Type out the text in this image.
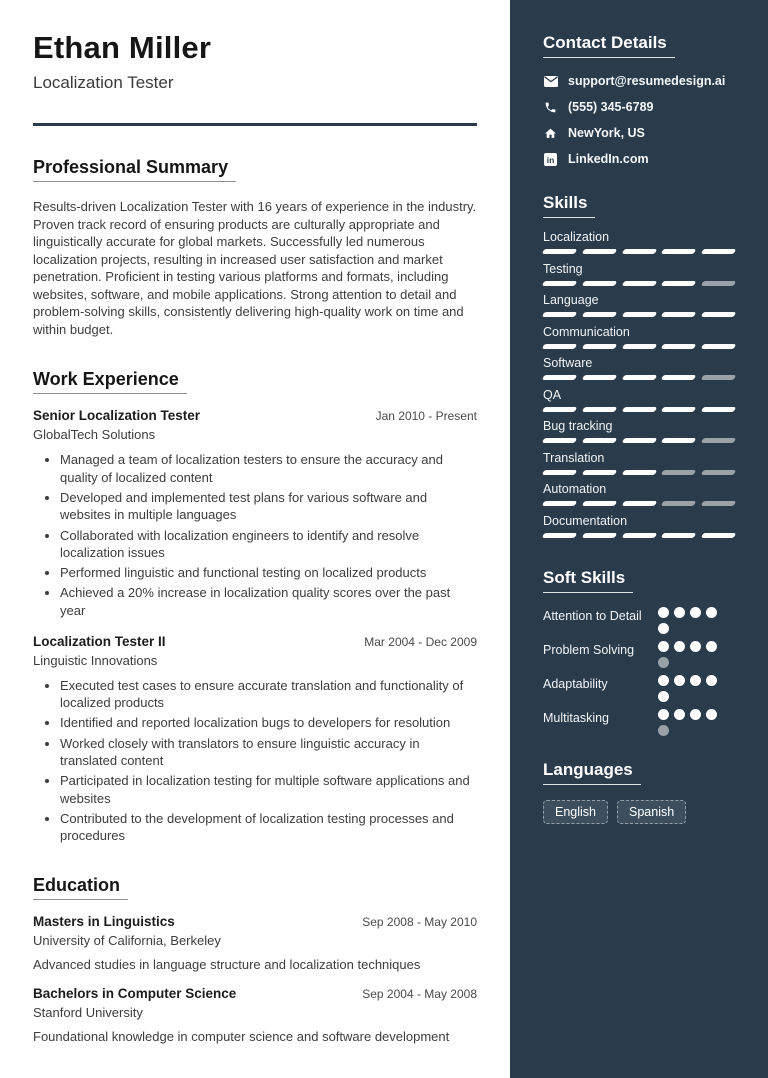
Ethan Miller
Localization Tester
Professional Summary

Results-driven Localization Tester with 16 years of experience in the industry. Proven track record of ensuring products are culturally appropriate and linguistically accurate for global markets. Successfully led numerous localization projects, resulting in increased user satisfaction and market penetration. Proficient in testing various platforms and formats, including websites, software, and mobile applications. Strong attention to detail and problem-solving skills, consistently delivering high-quality work on time and within budget.

Work Experience
Senior Localization Tester	Jan 2010 - Present
GlobalTech Solutions
• Managed a team of localization testers to ensure the accuracy and quality of localized content
• Developed and implemented test plans for various software and websites in multiple languages
• Collaborated with localization engineers to identify and resolve localization issues
• Performed linguistic and functional testing on localized products
• Achieved a 20% increase in localization quality scores over the past year
Localization Tester II	Mar 2004 - Dec 2009
Linguistic Innovations
• Executed test cases to ensure accurate translation and functionality of localized products
• Identified and reported localization bugs to developers for resolution
• Worked closely with translators to ensure linguistic accuracy in translated content
• Participated in localization testing for multiple software applications and websites
• Contributed to the development of localization testing processes and procedures
Education
Masters in Linguistics	Sep 2008 - May 2010
University of California, Berkeley
Advanced studies in language structure and localization techniques
Bachelors in Computer Science	Sep 2004 - May 2008
Stanford University
Foundational knowledge in computer science and software development
Contact Details
support@resumedesign.ai
(555) 345-6789
NewYork, US
in LinkedIn.com
Skills
Localization
Testing
Language
Communication
Software
QA
Bug tracking
Translation
Automation
Documentation
Soft Skills
Attention to Detail
Problem Solving
Adaptability
Multitasking
Languages
English	Spanish
